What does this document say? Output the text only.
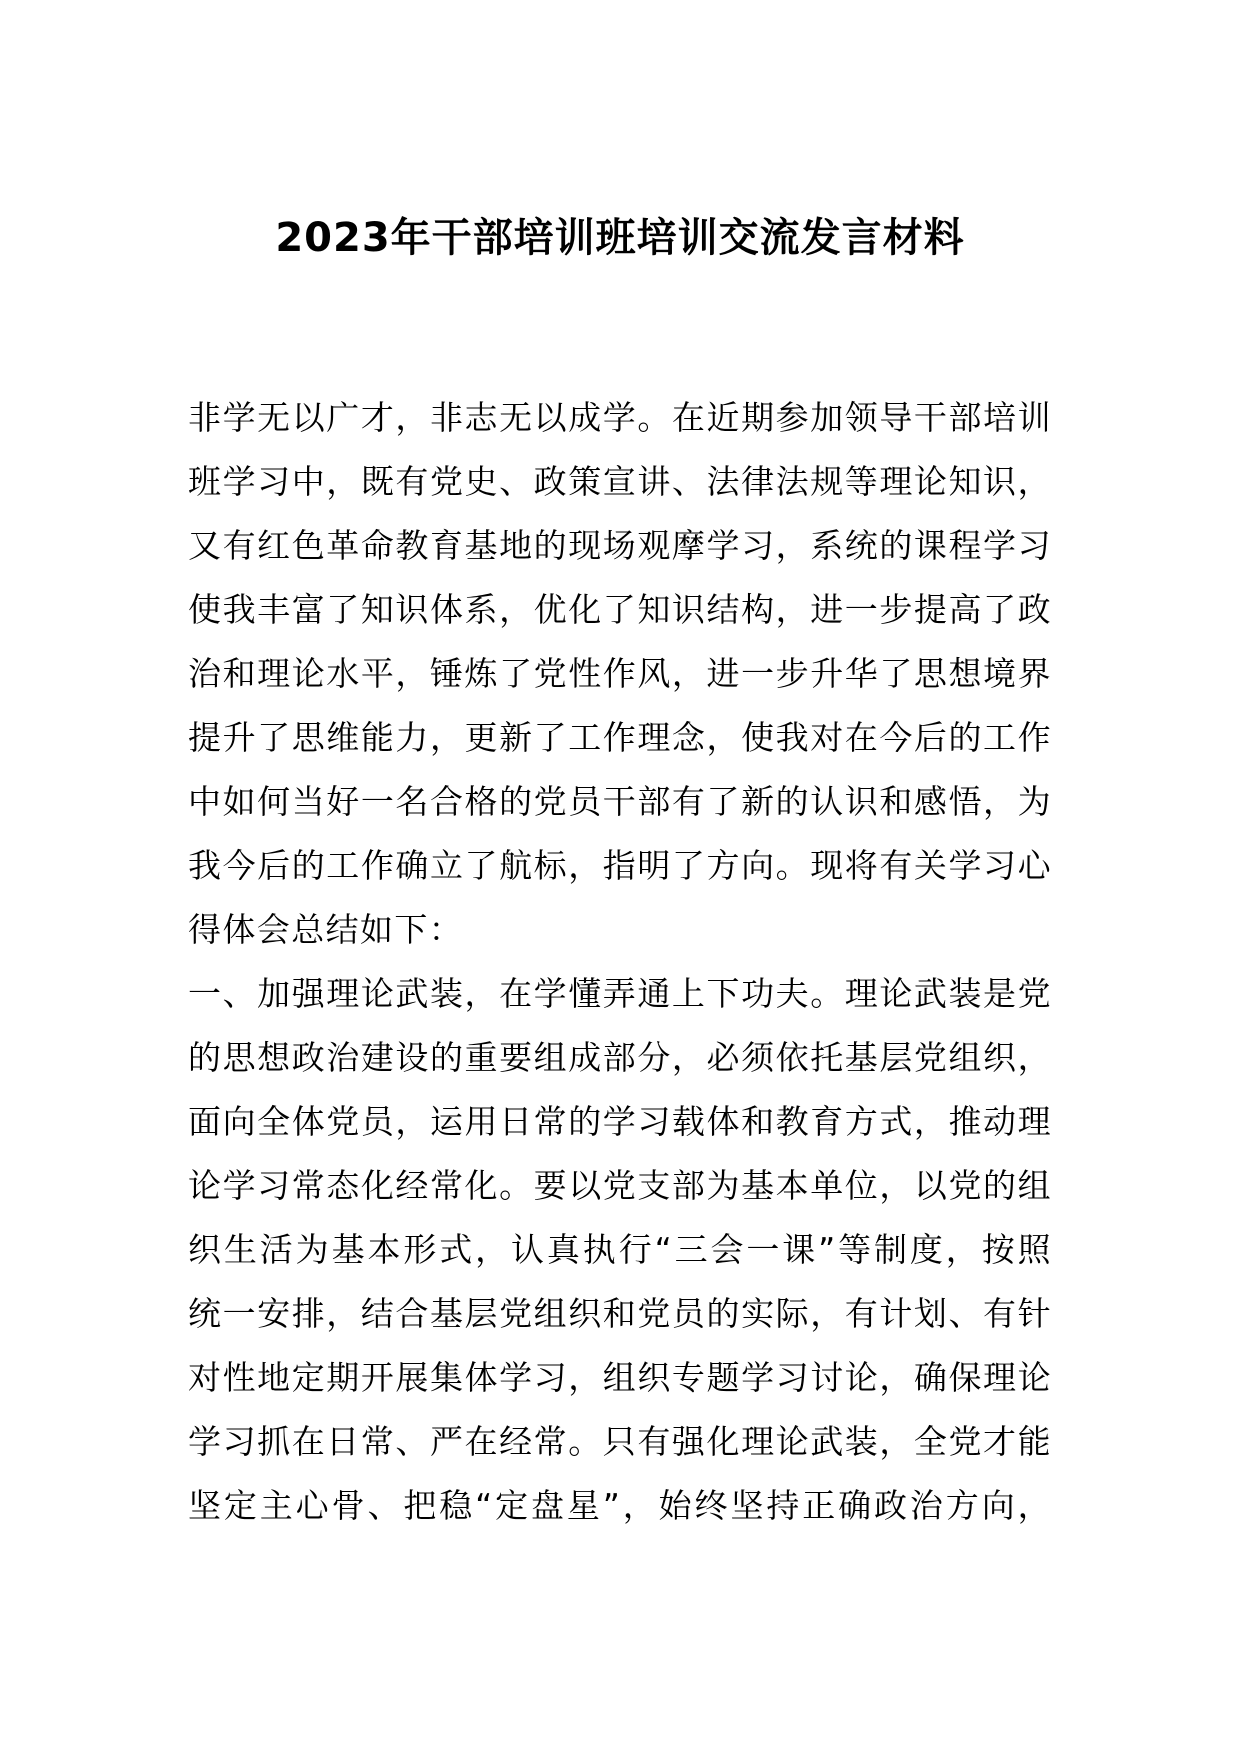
2023年干部培训班培训交流发言材料
非学无以广才，非志无以成学。在近期参加领导干部培训
班学习中，既有党史、政策宣讲、法律法规等理论知识，
又有红色革命教育基地的现场观摩学习，系统的课程学习
使我丰富了知识体系，优化了知识结构，进一步提高了政
治和理论水平，锤炼了党性作风，进一步升华了思想境界
提升了思维能力，更新了工作理念，使我对在今后的工作
中如何当好一名合格的党员干部有了新的认识和感悟，为
我今后的工作确立了航标，指明了方向。现将有关学习心
得体会总结如下：
一、加强理论武装，在学懂弄通上下功夫。理论武装是党
的思想政治建设的重要组成部分，必须依托基层党组织，
面向全体党员，运用日常的学习载体和教育方式，推动理
论学习常态化经常化。要以党支部为基本单位，以党的组
织生活为基本形式，认真执行“三会一课”等制度，按照
统一安排，结合基层党组织和党员的实际，有计划、有针
对性地定期开展集体学习，组织专题学习讨论，确保理论
学习抓在日常、严在经常。只有强化理论武装，全党才能
坚定主心骨、把稳“定盘星”，始终坚持正确政治方向，
